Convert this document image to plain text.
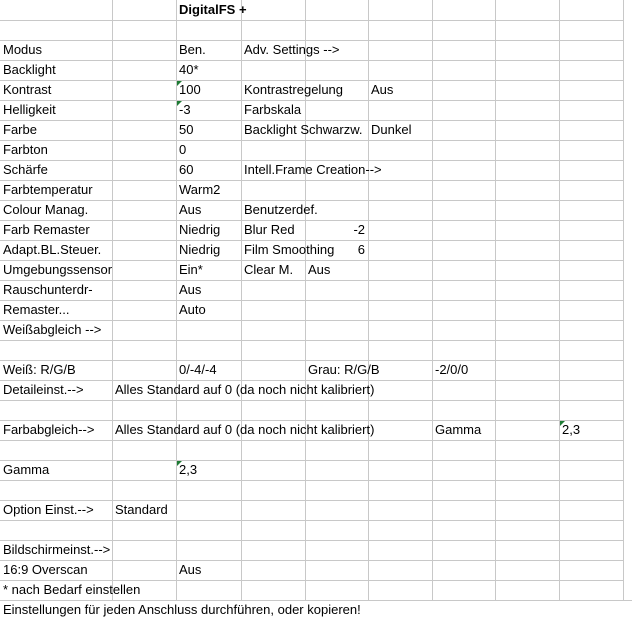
DigitalFS +
Modus	Ben.	Adv. Settings -->
Backlight	40*
Kontrast	100	Kontrastregelung	Aus
Helligkeit	-3	Farbskala
Farbe	50	Backlight Schwarzw. Dunkel
Farbton	0
Schärfe	60	Intell.Frame Creation-->
Farbtemperatur	Warm2
Colour Manag.	Aus	Benutzerdef.
Farb Remaster	Niedrig	Blur Red	-2
Adapt.BL.Steuer.	Niedrig	Film Smoothing	6
Umgebungssensor	Ein*	Clear M.	Aus
Rauschunterdr-	Aus
Remaster...	Auto
Weißabgleich -->
Weiß: R/G/B	0/-4/-4	Grau: R/G/B	-2/0/0
Detaileinst.-->	Alles Standard auf 0 (da noch nicht kalibriert)
Farbabgleich-->	Alles Standard auf 0 (da noch nicht kalibriert)	Gamma	2,3
Gamma	2,3
Option Einst.-->	Standard
Bildschirmeinst.-->
16:9 Overscan	Aus
* nach Bedarf einstellen
Einstellungen für jeden Anschluss durchführen, oder kopieren!
